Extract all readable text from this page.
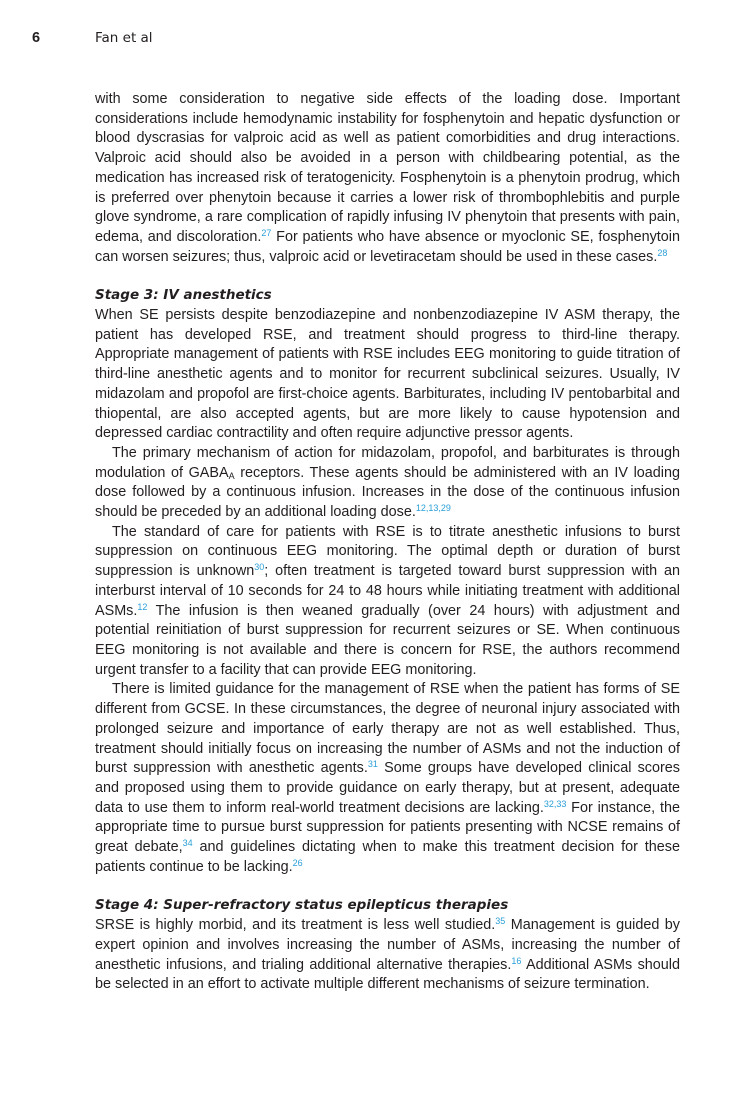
6	Fan et al

with some consideration to negative side effects of the loading dose. Important considerations include hemodynamic instability for fosphenytoin and hepatic dysfunction or blood dyscrasias for valproic acid as well as patient comorbidities and drug interactions. Valproic acid should also be avoided in a person with childbearing potential, as the medication has increased risk of teratogenicity. Fosphenytoin is a phenytoin prodrug, which is preferred over phenytoin because it carries a lower risk of thrombophlebitis and purple glove syndrome, a rare complication of rapidly infusing IV phenytoin that presents with pain, edema, and discoloration.$^{27}$ For patients who have absence or myoclonic SE, fosphenytoin can worsen seizures; thus, valproic acid or levetiracetam should be used in these cases.$^{28}$

Stage 3: IV anesthetics

When SE persists despite benzodiazepine and nonbenzodiazepine IV ASM therapy, the patient has developed RSE, and treatment should progress to third-line therapy. Appropriate management of patients with RSE includes EEG monitoring to guide titration of third-line anesthetic agents and to monitor for recurrent subclinical seizures. Usually, IV midazolam and propofol are first-choice agents. Barbiturates, including IV pentobarbital and thiopental, are also accepted agents, but are more likely to cause hypotension and depressed cardiac contractility and often require adjunctive pressor agents.

The primary mechanism of action for midazolam, propofol, and barbiturates is through modulation of $GABA_A$ receptors. These agents should be administered with an IV loading dose followed by a continuous infusion. Increases in the dose of the continuous infusion should be preceded by an additional loading dose.$^{12,13,29}$

The standard of care for patients with RSE is to titrate anesthetic infusions to burst suppression on continuous EEG monitoring. The optimal depth or duration of burst suppression is unknown$^{30}$; often treatment is targeted toward burst suppression with an interburst interval of 10 seconds for 24 to 48 hours while initiating treatment with additional ASMs.$^{12}$ The infusion is then weaned gradually (over 24 hours) with adjustment and potential reinitiation of burst suppression for recurrent seizures or SE. When continuous EEG monitoring is not available and there is concern for RSE, the authors recommend urgent transfer to a facility that can provide EEG monitoring.

There is limited guidance for the management of RSE when the patient has forms of SE different from GCSE. In these circumstances, the degree of neuronal injury associated with prolonged seizure and importance of early therapy are not as well established. Thus, treatment should initially focus on increasing the number of ASMs and not the induction of burst suppression with anesthetic agents.$^{31}$ Some groups have developed clinical scores and proposed using them to provide guidance on early therapy, but at present, adequate data to use them to inform real-world treatment decisions are lacking.$^{32,33}$ For instance, the appropriate time to pursue burst suppression for patients presenting with NCSE remains of great debate,$^{34}$ and guidelines dictating when to make this treatment decision for these patients continue to be lacking.$^{26}$

Stage 4: Super-refractory status epilepticus therapies

SRSE is highly morbid, and its treatment is less well studied.$^{35}$ Management is guided by expert opinion and involves increasing the number of ASMs, increasing the number of anesthetic infusions, and trialing additional alternative therapies.$^{16}$ Additional ASMs should be selected in an effort to activate multiple different mechanisms of seizure termination.
